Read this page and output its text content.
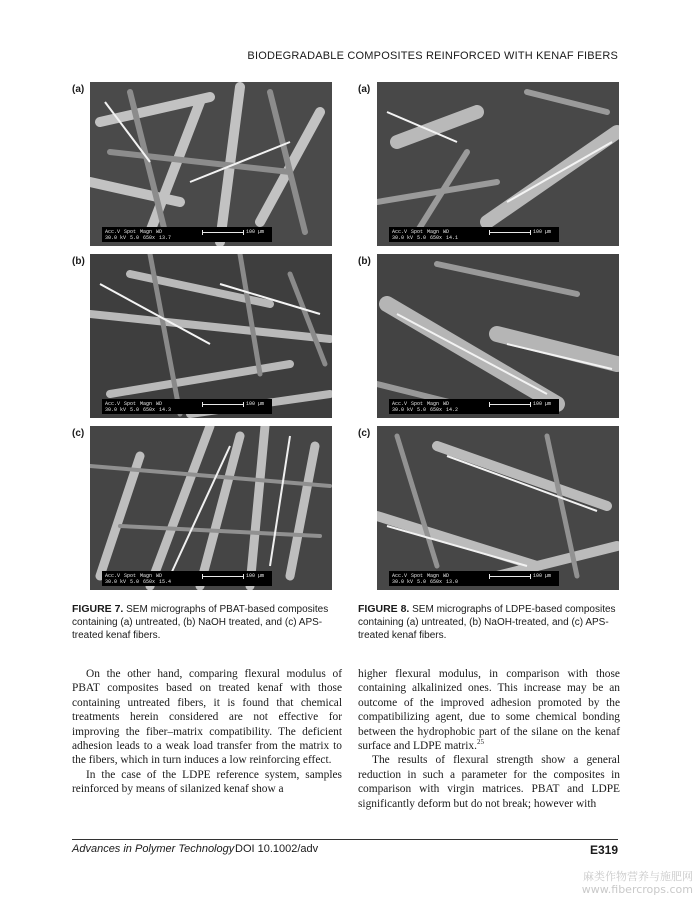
BIODEGRADABLE COMPOSITES REINFORCED WITH KENAF FIBERS
(a)
Acc.V Spot Magn WD
30.0 kV 5.0 650x 13.7
100 µm
(b)
Acc.V Spot Magn WD
30.0 kV 5.0 650x 14.3
100 µm
(c)
Acc.V Spot Magn WD
30.0 kV 5.0 650x 15.4
100 µm
(a)
Acc.V Spot Magn WD
30.0 kV 5.0 650x 14.1
100 µm
(b)
Acc.V Spot Magn WD
30.0 kV 5.0 650x 14.2
100 µm
(c)
Acc.V Spot Magn WD
30.0 kV 5.0 650x 13.0
100 µm
FIGURE 7. SEM micrographs of PBAT-based composites containing (a) untreated, (b) NaOH treated, and (c) APS-treated kenaf fibers.
FIGURE 8. SEM micrographs of LDPE-based composites containing (a) untreated, (b) NaOH-treated, and (c) APS-treated kenaf fibers.

On the other hand, comparing flexural modulus of PBAT composites based on treated kenaf with those containing untreated fibers, it is found that chemical treatments herein considered are not effective for improving the fiber–matrix compatibility. The deficient adhesion leads to a weak load transfer from the matrix to the fibers, which in turn induces a low reinforcing effect.

In the case of the LDPE reference system, samples reinforced by means of silanized kenaf show a

higher flexural modulus, in comparison with those containing alkalinized ones. This increase may be an outcome of the improved adhesion promoted by the compatibilizing agent, due to some chemical bonding between the hydrophobic part of the silane on the kenaf surface and LDPE matrix.$^{25}$

The results of flexural strength show a general reduction in such a parameter for the composites in comparison with virgin matrices. PBAT and LDPE significantly deform but do not break; however with

Advances in Polymer Technology DOI 10.1002/adv	E319
麻类作物营养与施肥网
www.fibercrops.com
